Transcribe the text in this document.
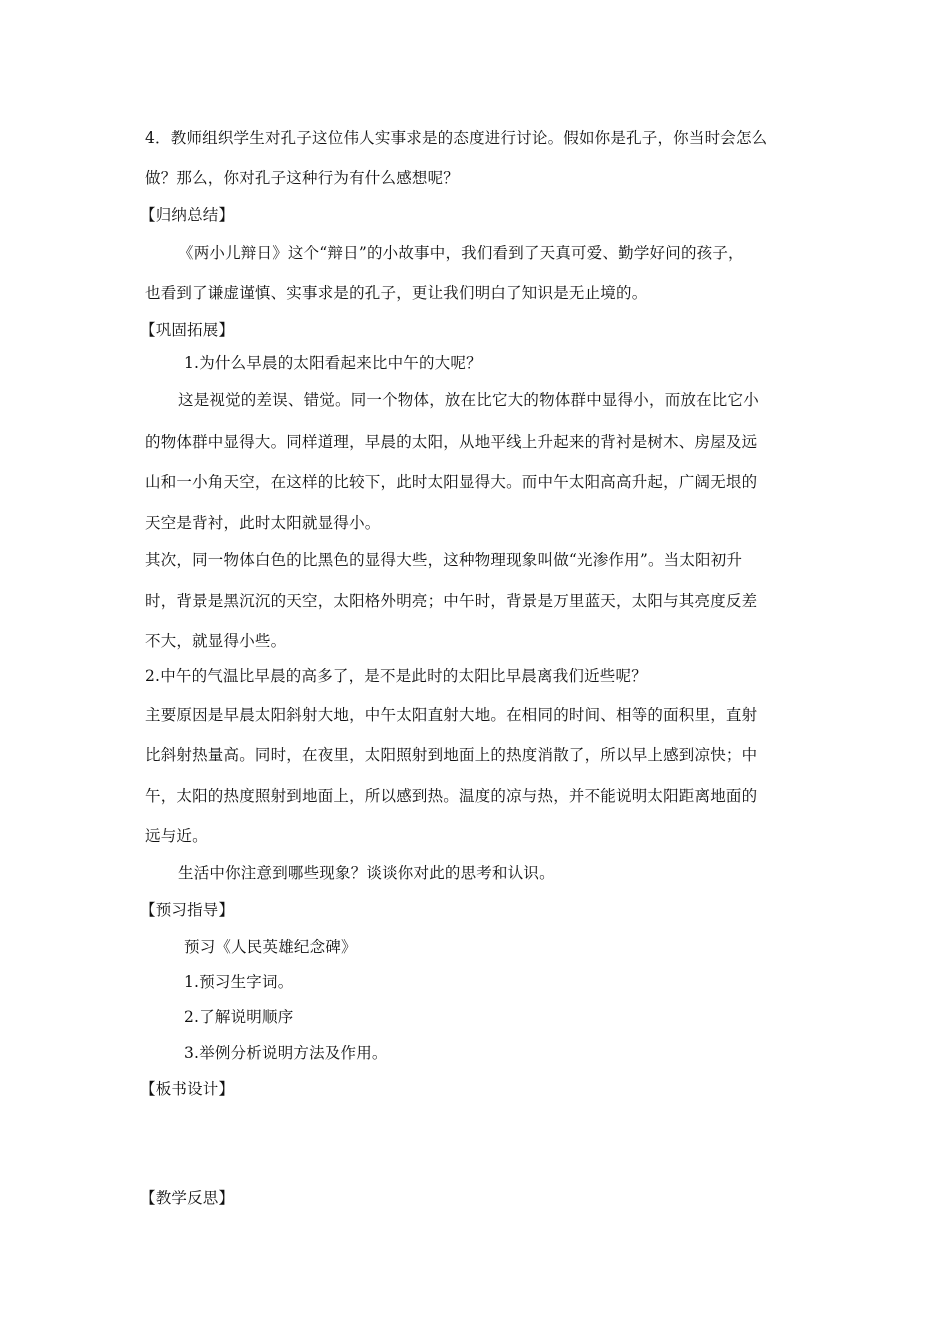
4．教师组织学生对孔子这位伟人实事求是的态度进行讨论。假如你是孔子，你当时会怎么
做？那么，你对孔子这种行为有什么感想呢？
【归纳总结】
《两小儿辩日》这个“辩日”的小故事中，我们看到了天真可爱、勤学好问的孩子，
也看到了谦虚谨慎、实事求是的孔子，更让我们明白了知识是无止境的。
【巩固拓展】
1.为什么早晨的太阳看起来比中午的大呢？
这是视觉的差误、错觉。同一个物体，放在比它大的物体群中显得小，而放在比它小
的物体群中显得大。同样道理，早晨的太阳，从地平线上升起来的背衬是树木、房屋及远
山和一小角天空，在这样的比较下，此时太阳显得大。而中午太阳高高升起，广阔无垠的
天空是背衬，此时太阳就显得小。
其次，同一物体白色的比黑色的显得大些，这种物理现象叫做“光渗作用”。当太阳初升
时，背景是黑沉沉的天空，太阳格外明亮；中午时，背景是万里蓝天，太阳与其亮度反差
不大，就显得小些。
2.中午的气温比早晨的高多了，是不是此时的太阳比早晨离我们近些呢？
主要原因是早晨太阳斜射大地，中午太阳直射大地。在相同的时间、相等的面积里，直射
比斜射热量高。同时，在夜里，太阳照射到地面上的热度消散了，所以早上感到凉快；中
午，太阳的热度照射到地面上，所以感到热。温度的凉与热，并不能说明太阳距离地面的
远与近。
生活中你注意到哪些现象？谈谈你对此的思考和认识。
【预习指导】
预习《人民英雄纪念碑》
1.预习生字词。
2.了解说明顺序
3.举例分析说明方法及作用。
【板书设计】
【教学反思】
